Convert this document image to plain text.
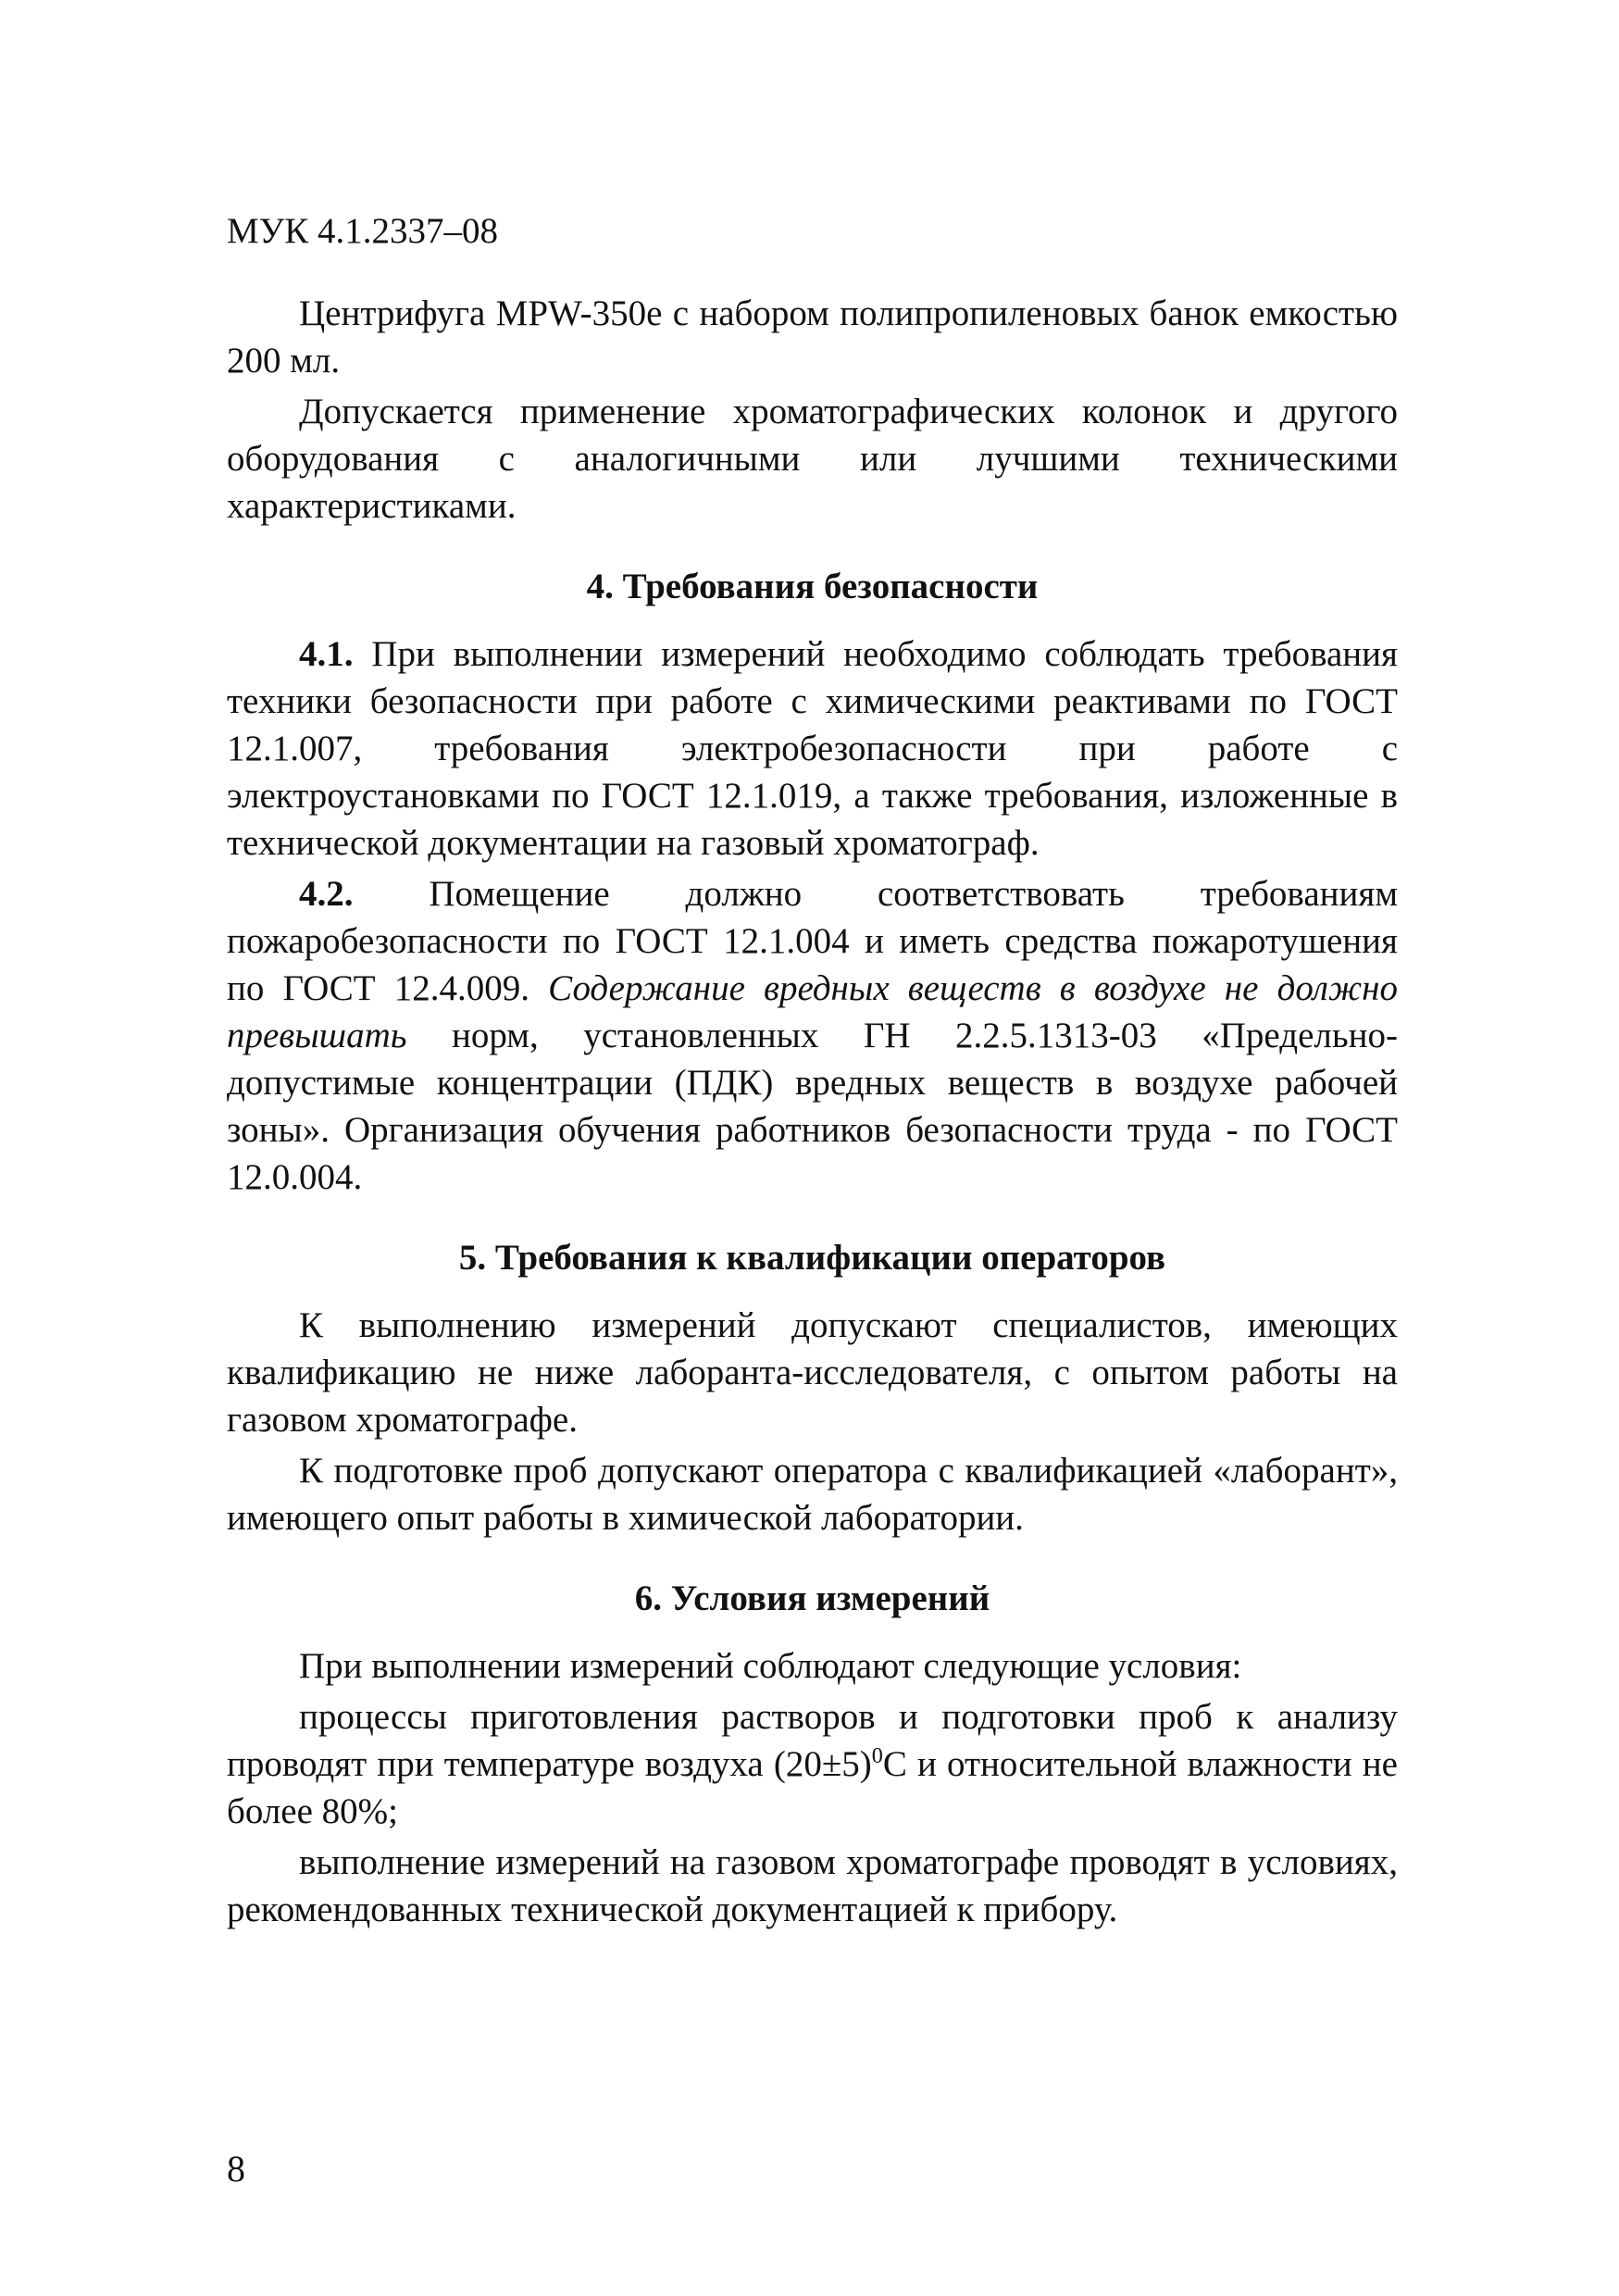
МУК 4.1.2337–08

Центрифуга MPW-350e с набором полипропиленовых банок емкостью 200 мл.

Допускается применение хроматографических колонок и другого оборудования с аналогичными или лучшими техническими характеристиками.

4. Требования безопасности

4.1. При выполнении измерений необходимо соблюдать требования техники безопасности при работе с химическими реактивами по ГОСТ 12.1.007, требования электробезопасности при работе с электроустановками по ГОСТ 12.1.019, а также требования, изложенные в технической документации на газовый хроматограф.

4.2. Помещение должно соответствовать требованиям пожаробезопасности по ГОСТ 12.1.004 и иметь средства пожаротушения по ГОСТ 12.4.009. Содержание вредных веществ в воздухе не должно превышать норм, установленных ГН 2.2.5.1313-03 «Предельно-допустимые концентрации (ПДК) вредных веществ в воздухе рабочей зоны». Организация обучения работников безопасности труда - по ГОСТ 12.0.004.

5. Требования к квалификации операторов

К выполнению измерений допускают специалистов, имеющих квалификацию не ниже лаборанта-исследователя, с опытом работы на газовом хроматографе.

К подготовке проб допускают оператора с квалификацией «лаборант», имеющего опыт работы в химической лаборатории.

6. Условия измерений

При выполнении измерений соблюдают следующие условия:

процессы приготовления растворов и подготовки проб к анализу проводят при температуре воздуха $(20\pm 5)^0С$ и относительной влажности не более 80%;

выполнение измерений на газовом хроматографе проводят в условиях, рекомендованных технической документацией к прибору.

8
